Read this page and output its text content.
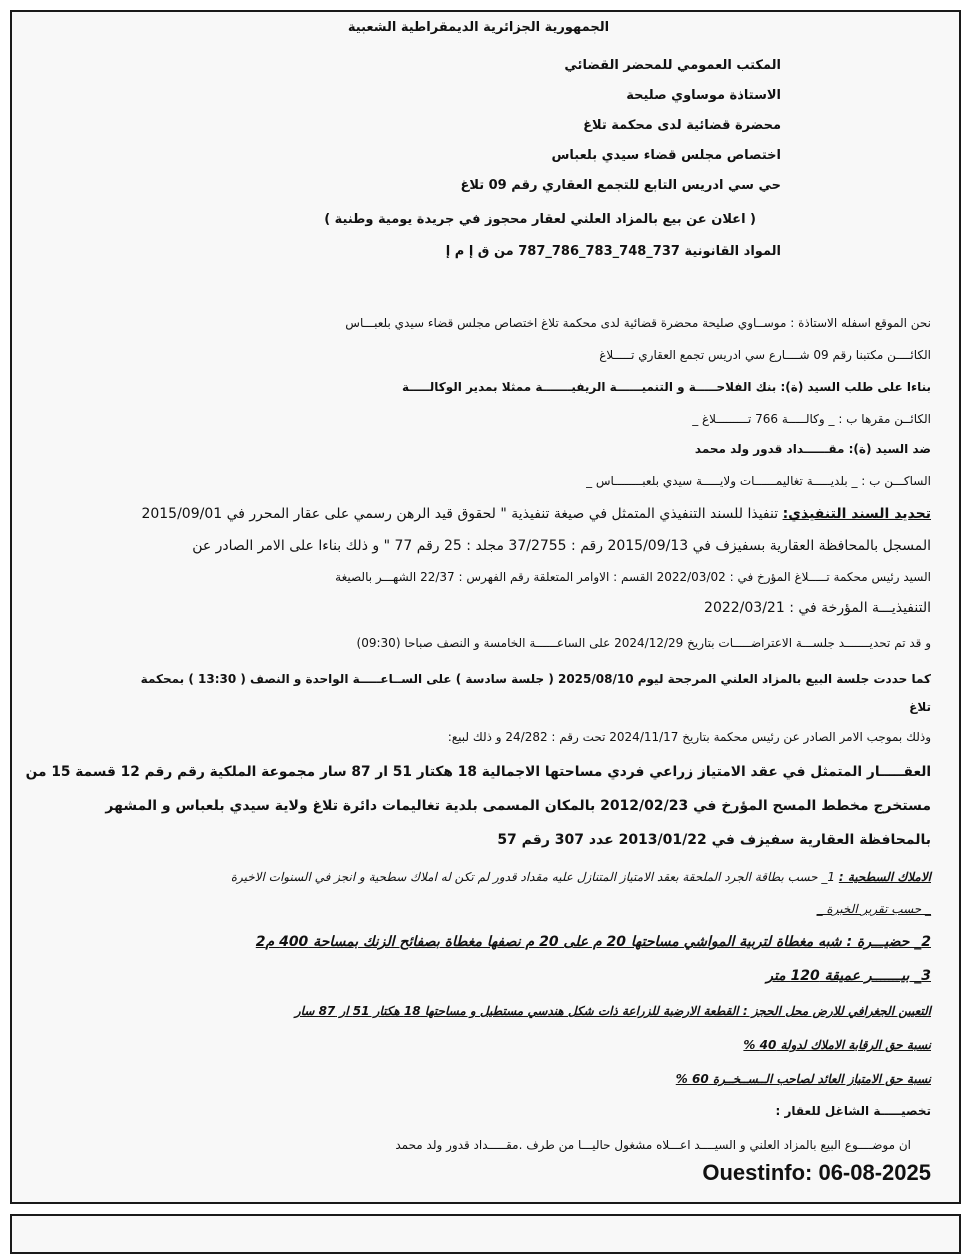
الجمهورية الجزائرية الديمقراطية الشعبية
المكتب العمومي للمحضر القضائي
الاستاذة موساوي صليحة
محضرة قضائية لدى محكمة تلاغ
اختصاص مجلس قضاء سيدي بلعباس
حي سي ادريس التابع للتجمع العقاري رقم 09 تلاغ
( اعلان عن بيع بالمزاد العلني لعقار محجوز في جريدة يومية وطنية )
المواد القانونية 737_748_783_786_787 من ق إ م إ
نحن الموقع اسفله الاستاذة : موســاوي صليحة محضرة قضائية لدى محكمة تلاغ اختصاص مجلس قضاء سيدي بلعبـــاس
الكائــــن مكتبنا رقم 09 شــــارع سي ادريس تجمع العقاري تـــــلاغ
بناءا على طلب السيد (ة): بنك الفلاحـــــة و التنميــــــة الريفيـــــــة ممثلا بمدير الوكالـــــة
الكائــن مقرها ب : _ وكالـــــة 766 تـــــــــلاغ _
ضد السيد (ة): مقــــــداد قدور ولد محمد
الساكـــن ب : _ بلديـــــة تغاليمــــــات ولايـــــة سيدي بلعبــــــــاس _
تحديد السند التنفيذي: تنفيذا للسند التنفيذي المتمثل في صيغة تنفيذية " لحقوق قيد الرهن رسمي على عقار المحرر في 2015/09/01
المسجل بالمحافظة العقارية بسفيزف في 2015/09/13 رقم : 37/2755 مجلد : 25 رقم 77 " و ذلك بناءا على الامر الصادر عن
السيد رئيس محكمة تـــــلاغ المؤرخ في : 2022/03/02 القسم : الاوامر المتعلقة رقم الفهرس : 22/37 الشهـــر بالصيغة
التنفيذيـــة المؤرخة في : 2022/03/21
و قد تم تحديـــــــد جلســـة الاعتراضـــــات بتاريخ 2024/12/29 على الساعــــــة الخامسة و النصف صباحا (09:30)
كما حددت جلسة البيع بالمزاد العلني المرجحة ليوم 2025/08/10 ( جلسة سادسة ) على الســاعـــــة الواحدة و النصف ( 13:30 ) بمحكمة
تلاغ
وذلك بموجب الامر الصادر عن رئيس محكمة بتاريخ 2024/11/17 تحت رقم : 24/282 و ذلك لبيع:
العقـــــار المتمثل في عقد الامتياز زراعي فردي مساحتها الاجمالية 18 هكتار 51 ار 87 سار مجموعة الملكية رقم رقم 12 قسمة 15 من
مستخرج مخطط المسح المؤرخ في 2012/02/23 بالمكان المسمى بلدية تغاليمات دائرة تلاغ ولاية سيدي بلعباس و المشهر
بالمحافظة العقارية سفيزف في 2013/01/22 عدد 307 رقم 57
الاملاك السطحية : 1_ حسب بطاقة الجرد الملحقة بعقد الامتياز المتنازل عليه مقداد قدور لم تكن له املاك سطحية و انجز في السنوات الاخيرة
_ حسب تقرير الخبرة _
2_ حضيـــرة : شبه مغطاة لتربية المواشي مساحتها 20 م على 20 م نصفها مغطاة بصفائح الزنك بمساحة 400 م2
3_ بيـــــــر عميقة 120 متر
التعيين الجغرافي للارض محل الحجز : القطعة الارضية للزراعة ذات شكل هندسي مستطيل و مساحتها 18 هكتار 51 ار 87 سار
نسبة حق الرقابة الاملاك لدولة 40 %
نسبة حق الامتياز العائد لصاحب الــســخــرة 60 %
تخصيـــــة الشاغل للعقار :
ان موضــــوع البيع بالمزاد العلني و السيــــد اعـــلاه مشغول حاليـــا من طرف .مقـــــداد قدور ولد محمد
Ouestinfo: 06-08-2025
